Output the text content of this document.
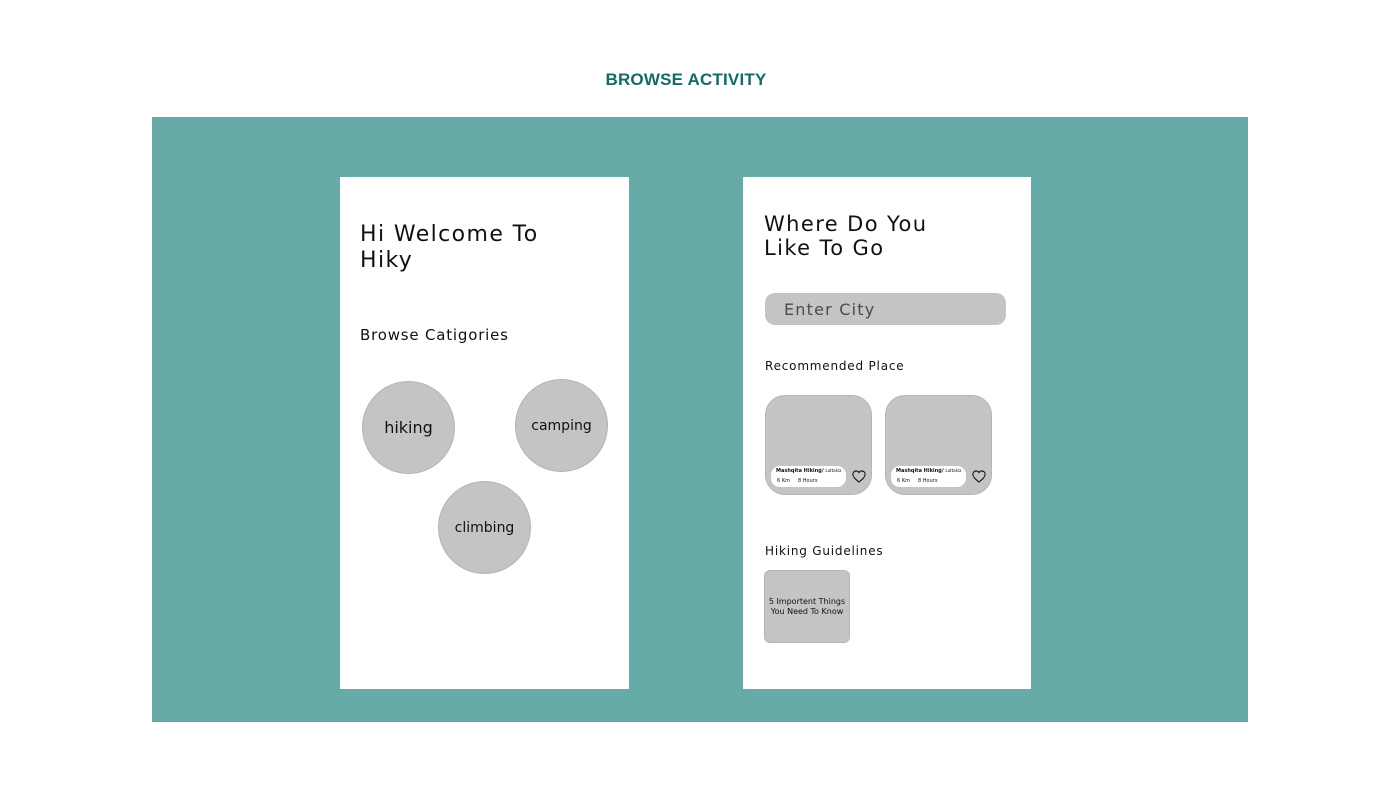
BROWSE ACTIVITY
Hi Welcome To
Hiky
Browse Catigories
hiking	camping
climbing
Where Do You
Like To Go
Enter City
Recommended Place
Mashqita Hiking/ Lattakia
6 Km 8 Hours
Mashqita Hiking/ Lattakia
6 Km 8 Hours
Hiking Guidelines
5 Importent Things You Need To Know
